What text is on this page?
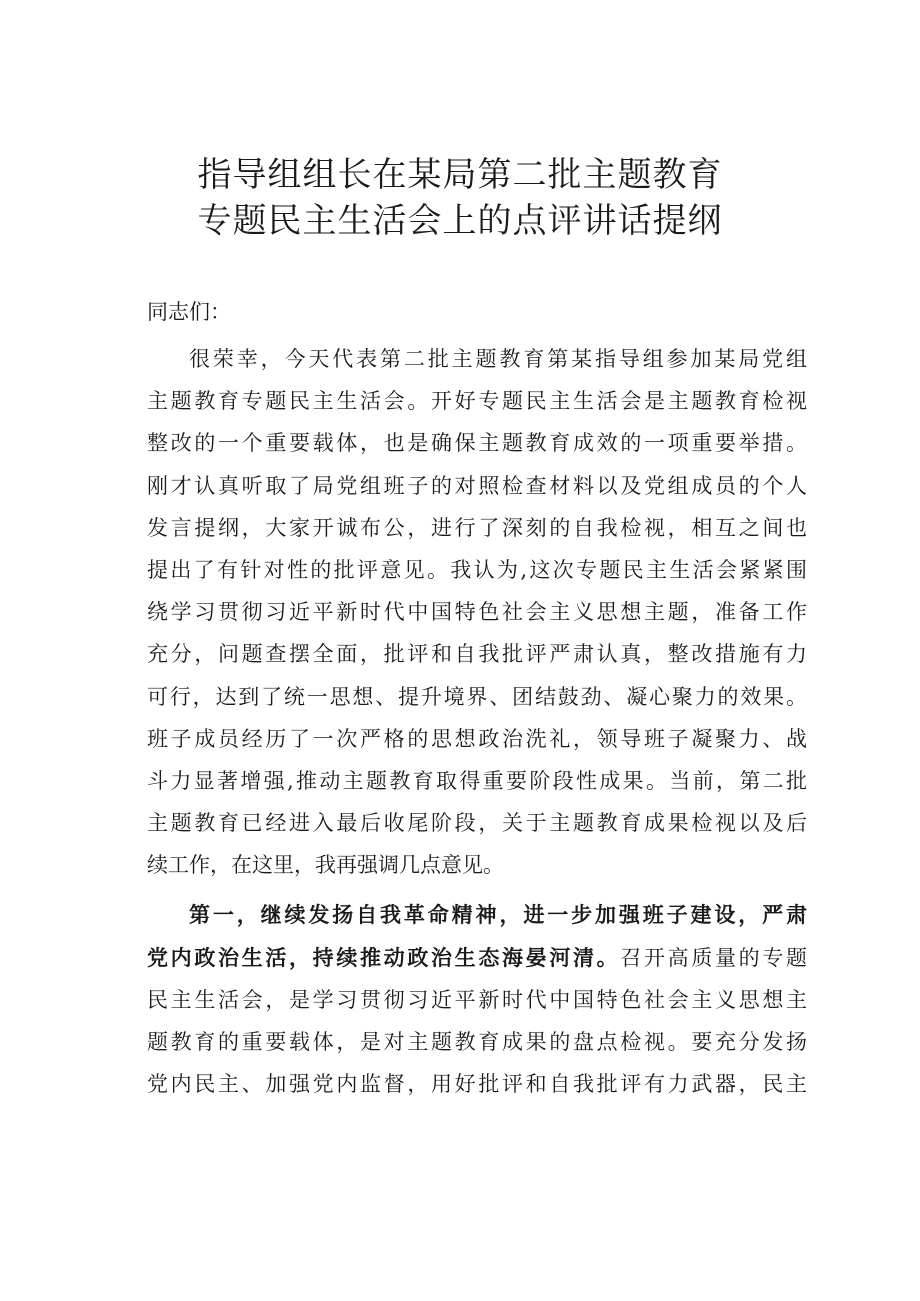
指导组组长在某局第二批主题教育
专题民主生活会上的点评讲话提纲
同志们：
很荣幸，今天代表第二批主题教育第某指导组参加某局党组
主题教育专题民主生活会。开好专题民主生活会是主题教育检视
整改的一个重要载体，也是确保主题教育成效的一项重要举措。
刚才认真听取了局党组班子的对照检查材料以及党组成员的个人
发言提纲，大家开诚布公，进行了深刻的自我检视，相互之间也
提出了有针对性的批评意见。我认为,这次专题民主生活会紧紧围
绕学习贯彻习近平新时代中国特色社会主义思想主题，准备工作
充分，问题查摆全面，批评和自我批评严肃认真，整改措施有力
可行，达到了统一思想、提升境界、团结鼓劲、凝心聚力的效果。
班子成员经历了一次严格的思想政治洗礼，领导班子凝聚力、战
斗力显著增强,推动主题教育取得重要阶段性成果。当前，第二批
主题教育已经进入最后收尾阶段，关于主题教育成果检视以及后
续工作，在这里，我再强调几点意见。
第一，继续发扬自我革命精神，进一步加强班子建设，严肃
党内政治生活，持续推动政治生态海晏河清。召开高质量的专题
民主生活会，是学习贯彻习近平新时代中国特色社会主义思想主
题教育的重要载体，是对主题教育成果的盘点检视。要充分发扬
党内民主、加强党内监督，用好批评和自我批评有力武器，民主
